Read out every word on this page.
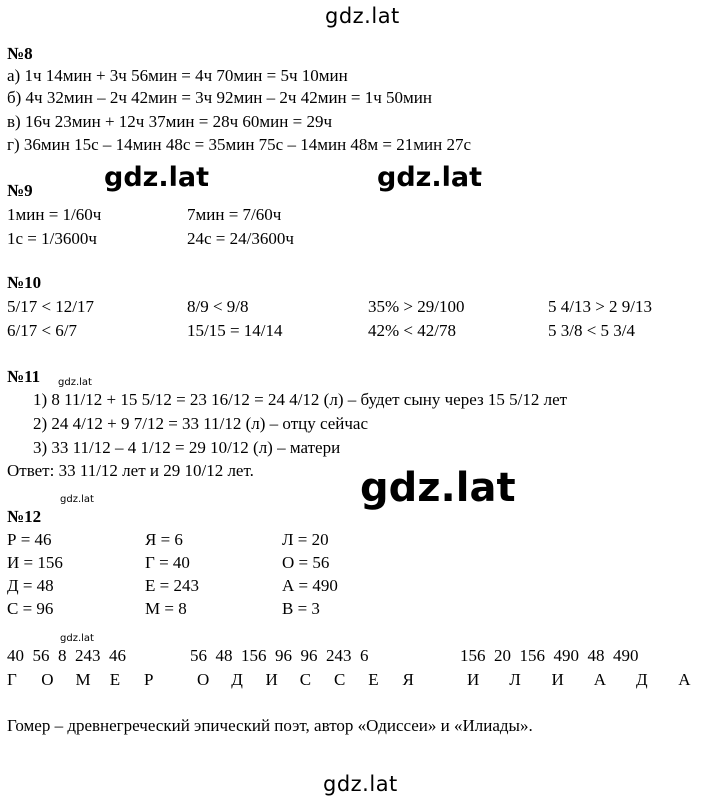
gdz.lat
gdz.lat	gdz.lat
gdz.lat
gdz.lat
gdz.lat
gdz.lat
gdz.lat
№8
а) 1ч 14мин + 3ч 56мин = 4ч 70мин = 5ч 10мин
б) 4ч 32мин – 2ч 42мин = 3ч 92мин – 2ч 42мин = 1ч 50мин
в) 16ч 23мин + 12ч 37мин = 28ч 60мин = 29ч
г) 36мин 15с – 14мин 48с = 35мин 75с – 14мин 48м = 21мин 27с
№9
1мин = 1/60ч	7мин = 7/60ч
1с = 1/3600ч	24с = 24/3600ч
№10
5/17 < 12/17	8/9 < 9/8	35% > 29/100	5 4/13 > 2 9/13
6/17 < 6/7	15/15 = 14/14	42% < 42/78	5 3/8 < 5 3/4
№11
1) 8 11/12 + 15 5/12 = 23 16/12 = 24 4/12 (л) – будет сыну через 15 5/12 лет
2) 24 4/12 + 9 7/12 = 33 11/12 (л) – отцу сейчас
3) 33 11/12 – 4 1/12 = 29 10/12 (л) – матери
Ответ: 33 11/12 лет и 29 10/12 лет.
№12
Р = 46	Я = 6	Л = 20
И = 156	Г = 40	О = 56
Д = 48	Е = 243	А = 490
С = 96	М = 8	В = 3
40  56  8  243  46	56  48  156  96  96  243  6	156  20  156  490  48  490
Г О М Е Р	О Д И С С Е Я	И Л И А Д А
Гомер – древнегреческий эпический поэт, автор «Одиссеи» и «Илиады».
